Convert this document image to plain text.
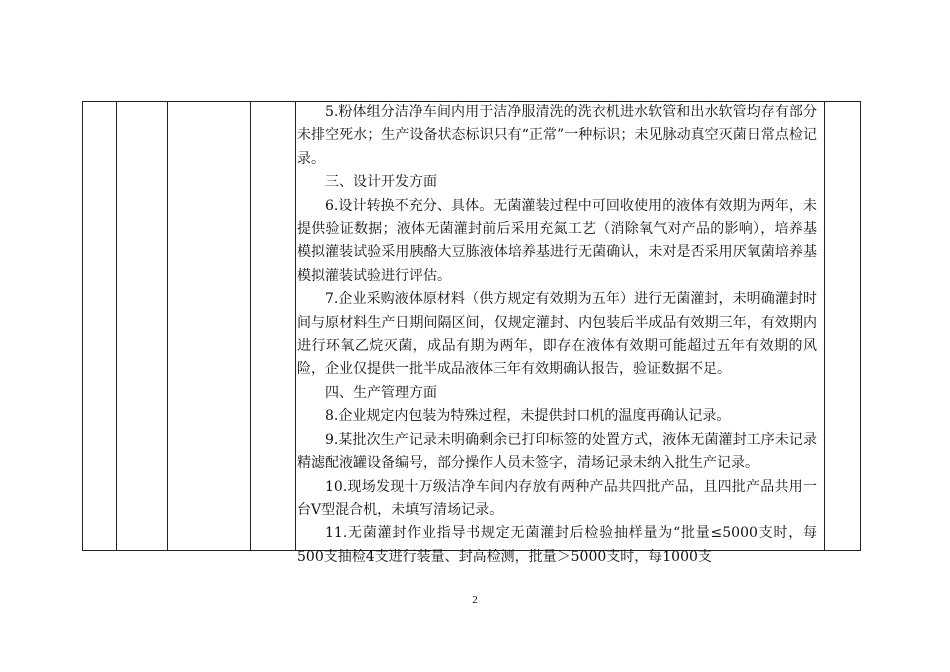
5.粉体组分洁净车间内用于洁净服清洗的洗衣机进水软管和出水软管均存有部分未排空死水；生产设备状态标识只有“正常”一种标识；未见脉动真空灭菌日常点检记录。

三、设计开发方面

6.设计转换不充分、具体。无菌灌装过程中可回收使用的液体有效期为两年，未提供验证数据；液体无菌灌封前后采用充氮工艺（消除氧气对产品的影响），培养基模拟灌装试验采用胰酪大豆胨液体培养基进行无菌确认，未对是否采用厌氧菌培养基模拟灌装试验进行评估。

7.企业采购液体原材料（供方规定有效期为五年）进行无菌灌封，未明确灌封时间与原材料生产日期间隔区间，仅规定灌封、内包装后半成品有效期三年，有效期内进行环氧乙烷灭菌，成品有期为两年，即存在液体有效期可能超过五年有效期的风险，企业仅提供一批半成品液体三年有效期确认报告，验证数据不足。

四、生产管理方面

8.企业规定内包装为特殊过程，未提供封口机的温度再确认记录。

9.某批次生产记录未明确剩余已打印标签的处置方式，液体无菌灌封工序未记录精滤配液罐设备编号，部分操作人员未签字，清场记录未纳入批生产记录。

10.现场发现十万级洁净车间内存放有两种产品共四批产品，且四批产品共用一台V型混合机，未填写清场记录。

11.无菌灌封作业指导书规定无菌灌封后检验抽样量为“批量≤5000支时，每500支抽检4支进行装量、封高检测，批量＞5000支时，每1000支

2
